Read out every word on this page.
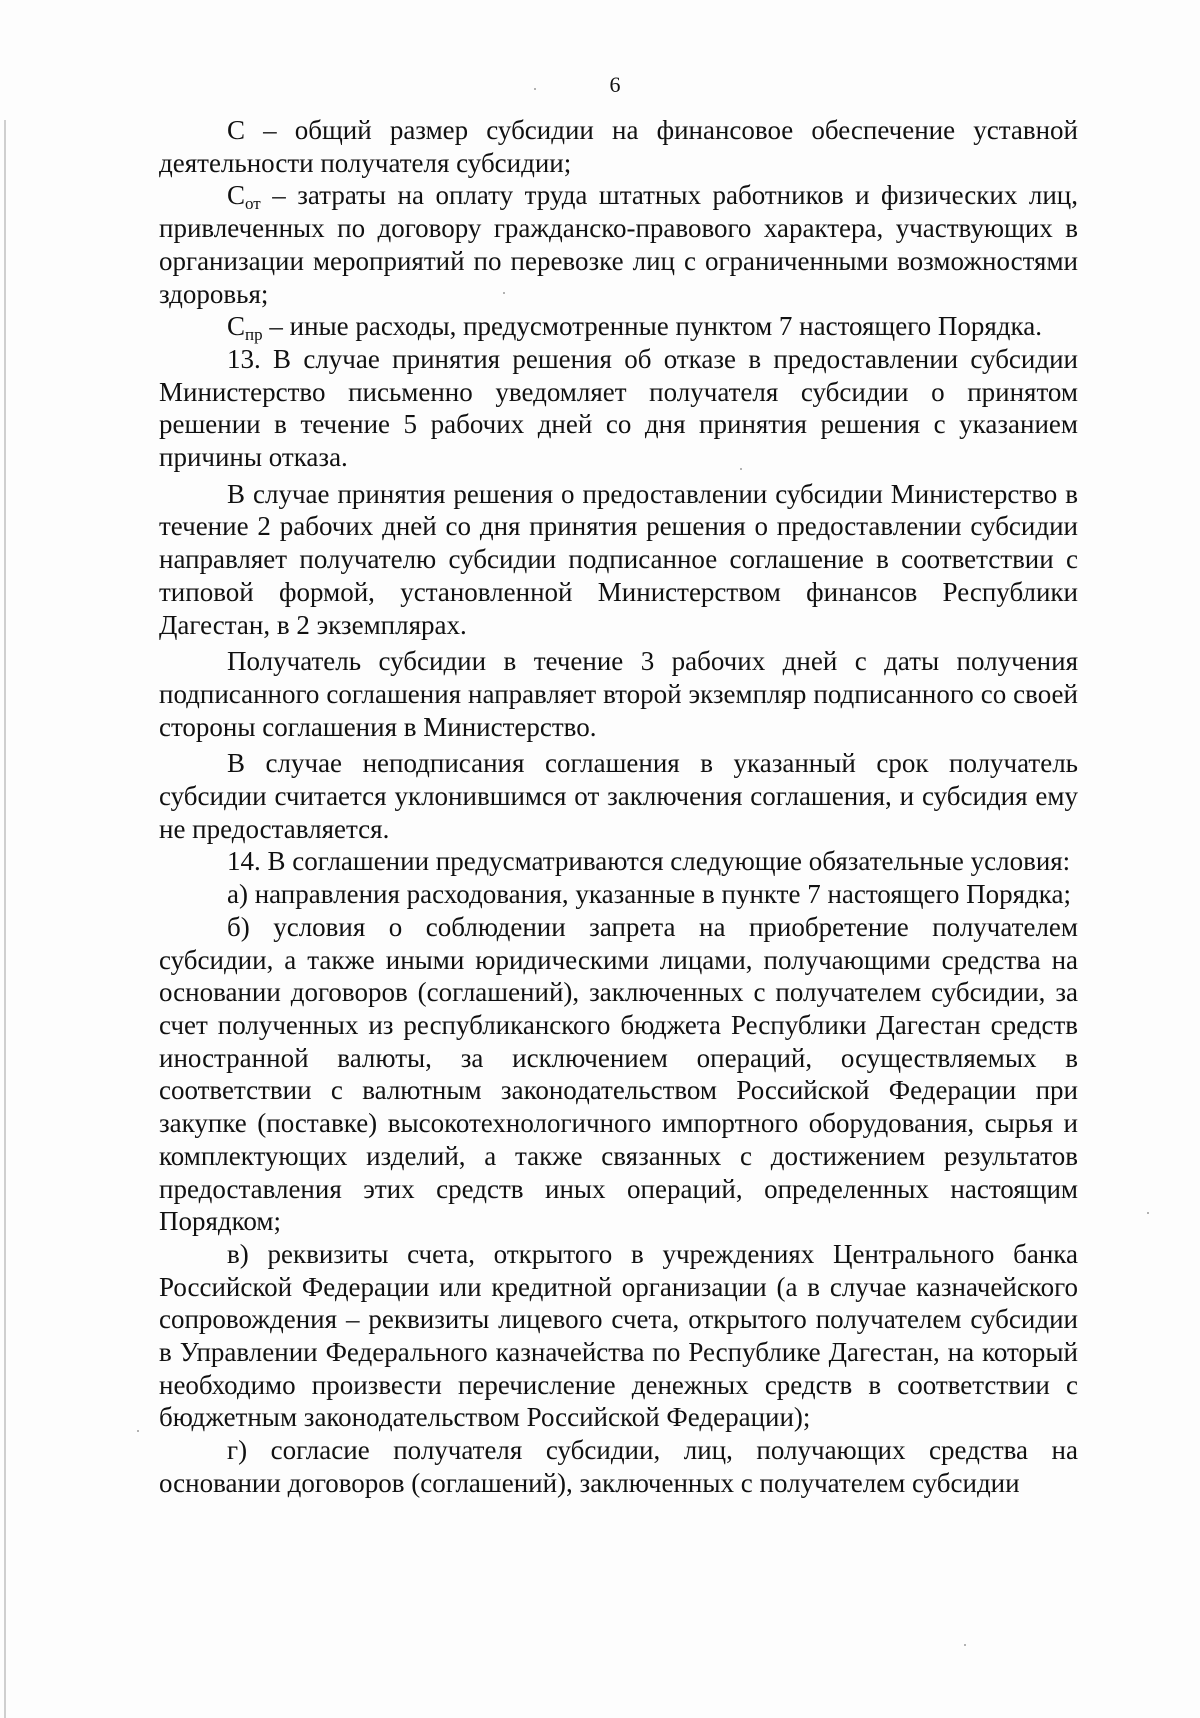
6

С – общий размер субсидии на финансовое обеспечение уставной деятельности получателя субсидии;

$С_{от}$ – затраты на оплату труда штатных работников и физических лиц, привлеченных по договору гражданско-правового характера, участвующих в организации мероприятий по перевозке лиц с ограниченными возможностями здоровья;

$С_{пр}$ – иные расходы, предусмотренные пунктом 7 настоящего Порядка.

13. В случае принятия решения об отказе в предоставлении субсидии Министерство письменно уведомляет получателя субсидии о принятом решении в течение 5 рабочих дней со дня принятия решения с указанием причины отказа.

В случае принятия решения о предоставлении субсидии Министерство в течение 2 рабочих дней со дня принятия решения о предоставлении субсидии направляет получателю субсидии подписанное соглашение в соответствии с типовой формой, установленной Министерством финансов Республики Дагестан, в 2 экземплярах.

Получатель субсидии в течение 3 рабочих дней с даты получения подписанного соглашения направляет второй экземпляр подписанного со своей стороны соглашения в Министерство.

В случае неподписания соглашения в указанный срок получатель субсидии считается уклонившимся от заключения соглашения, и субсидия ему не предоставляется.

14. В соглашении предусматриваются следующие обязательные условия:

а) направления расходования, указанные в пункте 7 настоящего Порядка;

б) условия о соблюдении запрета на приобретение получателем субсидии, а также иными юридическими лицами, получающими средства на основании договоров (соглашений), заключенных с получателем субсидии, за счет полученных из республиканского бюджета Республики Дагестан средств иностранной валюты, за исключением операций, осуществляемых в соответствии с валютным законодательством Российской Федерации при закупке (поставке) высокотехнологичного импортного оборудования, сырья и комплектующих изделий, а также связанных с достижением результатов предоставления этих средств иных операций, определенных настоящим Порядком;

в) реквизиты счета, открытого в учреждениях Центрального банка Российской Федерации или кредитной организации (а в случае казначейского сопровождения – реквизиты лицевого счета, открытого получателем субсидии в Управлении Федерального казначейства по Республике Дагестан, на который необходимо произвести перечисление денежных средств в соответствии с бюджетным законодательством Российской Федерации);

г) согласие получателя субсидии, лиц, получающих средства на основании договоров (соглашений), заключенных с получателем субсидии
